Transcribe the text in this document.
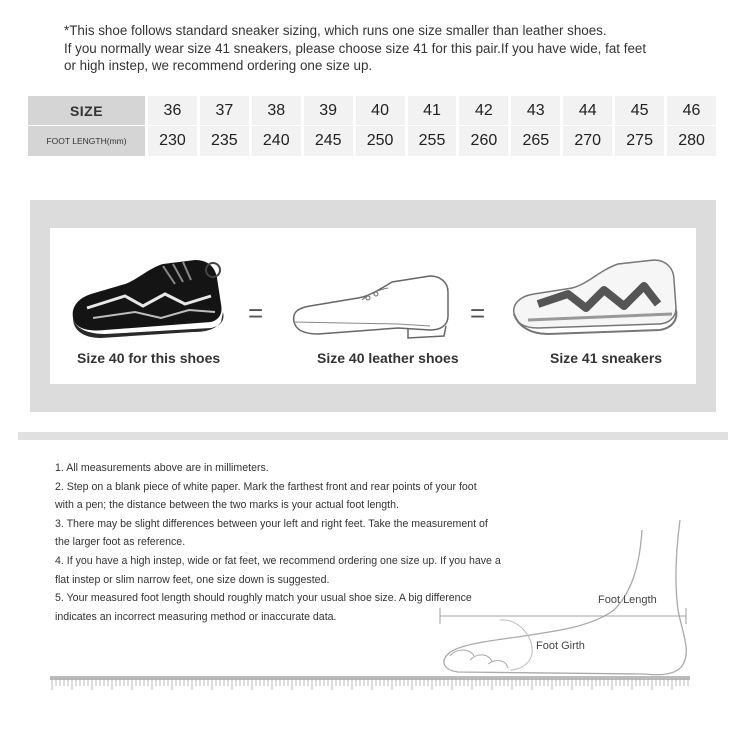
*This shoe follows standard sneaker sizing, which runs one size smaller than leather shoes.

If you normally wear size 41 sneakers, please choose size 41 for this pair.If you have wide, fat feet

or high instep, we recommend ordering one size up.

SIZE	36	37	38	39	40	41	42	43	44	45	46
FOOT LENGTH (mm)	230	235	240	245	250	255	260	265	270	275	280
=	=
Size 40 for this shoes	Size 40 leather shoes	Size 41 sneakers

1. All measurements above are in millimeters.

2. Step on a blank piece of white paper. Mark the farthest front and rear points of your foot

with a pen; the distance between the two marks is your actual foot length.

3. There may be slight differences between your left and right feet. Take the measurement of

the larger foot as reference.

4. If you have a high instep, wide or fat feet, we recommend ordering one size up. If you have a

flat instep or slim narrow feet, one size down is suggested.

5. Your measured foot length should roughly match your usual shoe size. A big difference

indicates an incorrect measuring method or inaccurate data.

Foot Length
Foot Girth
